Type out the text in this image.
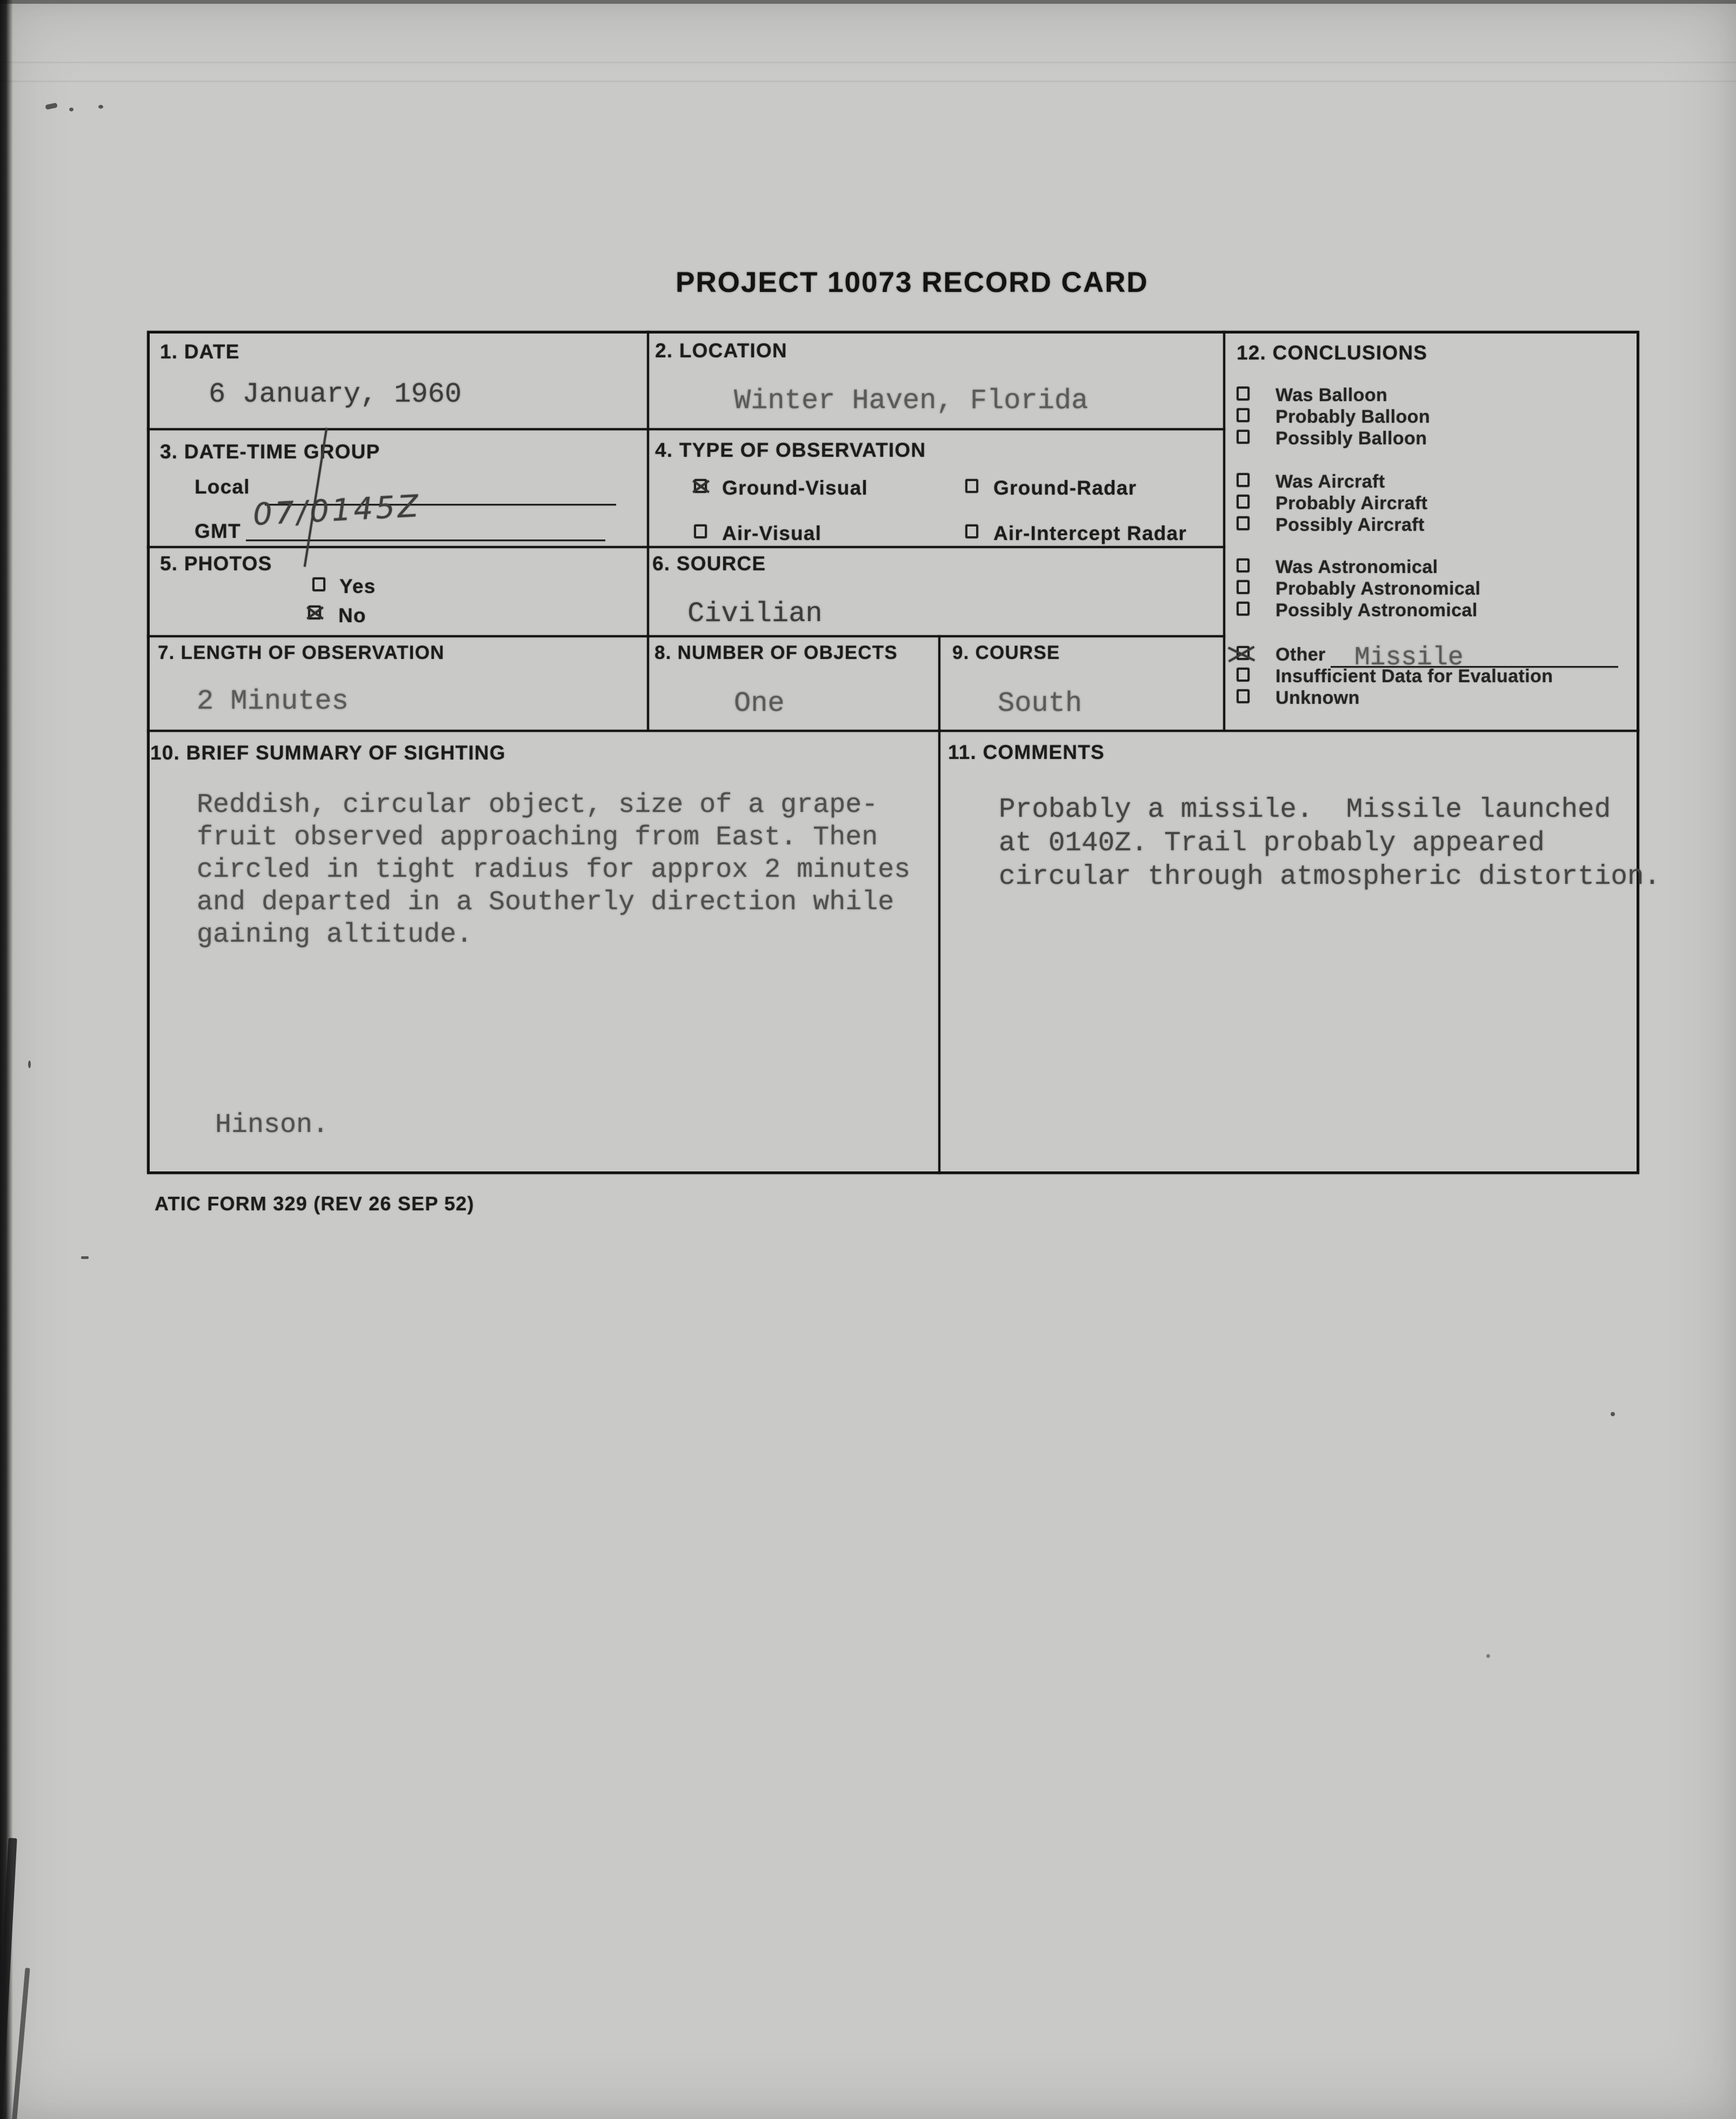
PROJECT 10073 RECORD CARD
1. DATE
6 January, 1960
2. LOCATION
Winter Haven, Florida
3. DATE-TIME GROUP
Local
GMT 07/0145Z
4. TYPE OF OBSERVATION
Ground-Visual	Ground-Radar
Air-Visual	Air-Intercept Radar
5. PHOTOS
Yes
No
6. SOURCE
Civilian
7. LENGTH OF OBSERVATION
2 Minutes
8. NUMBER OF OBJECTS
One
9. COURSE
South
10. BRIEF SUMMARY OF SIGHTING
Reddish, circular object, size of a grape-
fruit observed approaching from East. Then
circled in tight radius for approx 2 minutes
and departed in a Southerly direction while
gaining altitude.
Hinson.
11. COMMENTS
Probably a missile.  Missile launched
at 0140Z. Trail probably appeared
circular through atmospheric distortion.
12. CONCLUSIONS
Was Balloon
Probably Balloon
Possibly Balloon
Was Aircraft
Probably Aircraft
Possibly Aircraft
Was Astronomical
Probably Astronomical
Possibly Astronomical
Other Missile
Insufficient Data for Evaluation
Unknown
ATIC FORM 329 (REV 26 SEP 52)
